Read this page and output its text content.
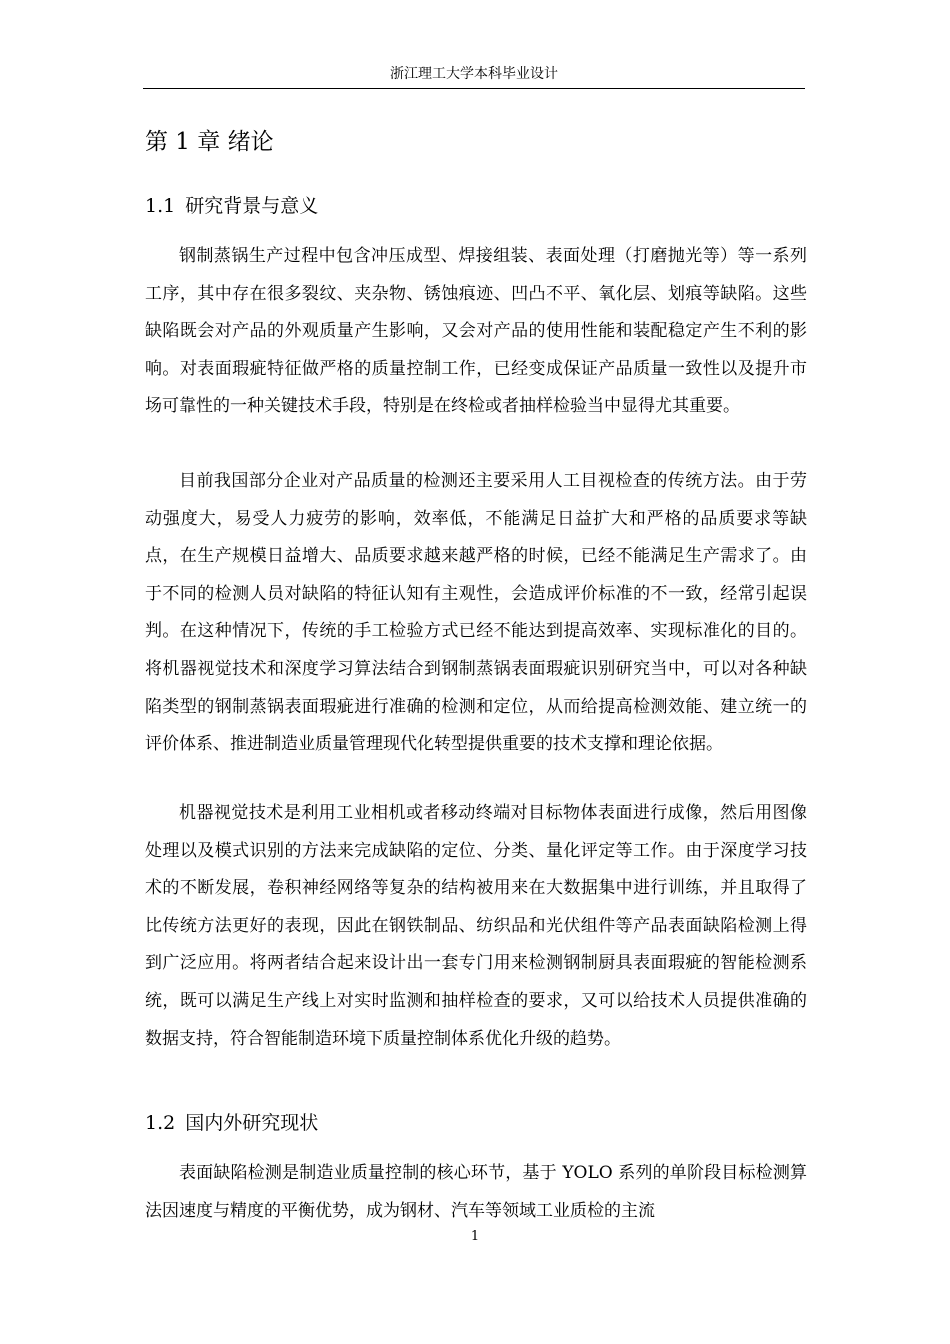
浙江理工大学本科毕业设计
第 1 章 绪论
1.1 研究背景与意义

钢制蒸锅生产过程中包含冲压成型、焊接组装、表面处理（打磨抛光等）等一系列工序，其中存在很多裂纹、夹杂物、锈蚀痕迹、凹凸不平、氧化层、划痕等缺陷。这些缺陷既会对产品的外观质量产生影响，又会对产品的使用性能和装配稳定产生不利的影响。对表面瑕疵特征做严格的质量控制工作，已经变成保证产品质量一致性以及提升市场可靠性的一种关键技术手段，特别是在终检或者抽样检验当中显得尤其重要。

目前我国部分企业对产品质量的检测还主要采用人工目视检查的传统方法。由于劳动强度大，易受人力疲劳的影响，效率低，不能满足日益扩大和严格的品质要求等缺点，在生产规模日益增大、品质要求越来越严格的时候，已经不能满足生产需求了。由于不同的检测人员对缺陷的特征认知有主观性，会造成评价标准的不一致，经常引起误判。在这种情况下，传统的手工检验方式已经不能达到提高效率、实现标准化的目的。将机器视觉技术和深度学习算法结合到钢制蒸锅表面瑕疵识别研究当中，可以对各种缺陷类型的钢制蒸锅表面瑕疵进行准确的检测和定位，从而给提高检测效能、建立统一的评价体系、推进制造业质量管理现代化转型提供重要的技术支撑和理论依据。

机器视觉技术是利用工业相机或者移动终端对目标物体表面进行成像，然后用图像处理以及模式识别的方法来完成缺陷的定位、分类、量化评定等工作。由于深度学习技术的不断发展，卷积神经网络等复杂的结构被用来在大数据集中进行训练，并且取得了比传统方法更好的表现，因此在钢铁制品、纺织品和光伏组件等产品表面缺陷检测上得到广泛应用。将两者结合起来设计出一套专门用来检测钢制厨具表面瑕疵的智能检测系统，既可以满足生产线上对实时监测和抽样检查的要求，又可以给技术人员提供准确的数据支持，符合智能制造环境下质量控制体系优化升级的趋势。

1.2 国内外研究现状

表面缺陷检测是制造业质量控制的核心环节，基于 YOLO 系列的单阶段目标检测算法因速度与精度的平衡优势，成为钢材、汽车等领域工业质检的主流

1
